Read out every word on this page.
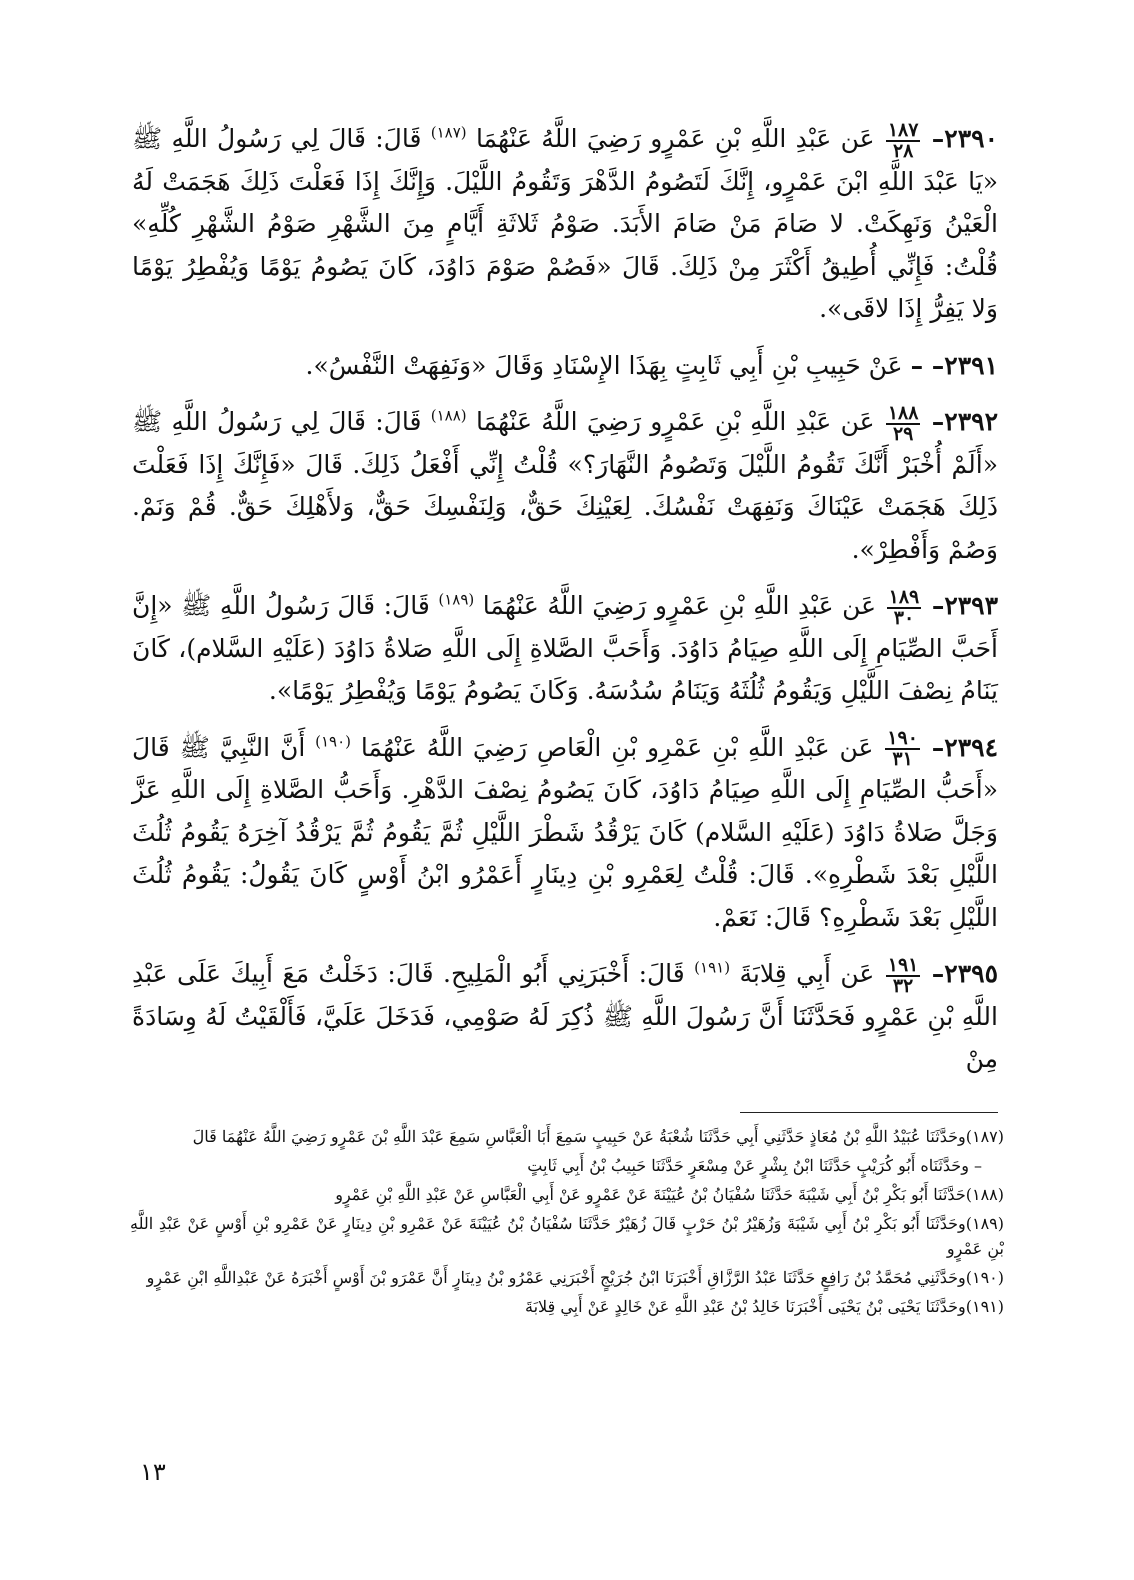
٢٣٩٠–
$\frac{١٨٧}{٢٨}$
عَن عَبْدِ اللَّهِ بْنِ عَمْرٍو رَضِيَ اللَّهُ عَنْهُمَا $^{(١٨٧)}$ قَالَ: قَالَ لِي رَسُولُ اللَّهِ ﷺ «يَا عَبْدَ اللَّهِ ابْنَ عَمْرٍو، إِنَّكَ لَتَصُومُ الدَّهْرَ وَتَقُومُ اللَّيْلَ. وَإِنَّكَ إِذَا فَعَلْتَ ذَلِكَ هَجَمَتْ لَهُ الْعَيْنُ وَنَهِكَتْ. لا صَامَ مَنْ صَامَ الأَبَدَ. صَوْمُ ثَلاثَةِ أَيَّامٍ مِنَ الشَّهْرِ صَوْمُ الشَّهْرِ كُلِّهِ» قُلْتُ: فَإِنِّي أُطِيقُ أَكْثَرَ مِنْ ذَلِكَ. قَالَ «فَصُمْ صَوْمَ دَاوُدَ، كَانَ يَصُومُ يَوْمًا وَيُفْطِرُ يَوْمًا وَلا يَفِرُّ إِذَا لاقَى».

٢٣٩١– – عَنْ حَبِيبِ بْنِ أَبِي ثَابِتٍ بِهَذَا الإِسْنَادِ وَقَالَ «وَنَفِهَتْ النَّفْسُ».

٢٣٩٢–
$\frac{١٨٨}{٢٩}$
عَن عَبْدِ اللَّهِ بْنِ عَمْرٍو رَضِيَ اللَّهُ عَنْهُمَا $^{(١٨٨)}$ قَالَ: قَالَ لِي رَسُولُ اللَّهِ ﷺ «أَلَمْ أُخْبَرْ أَنَّكَ تَقُومُ اللَّيْلَ وَتَصُومُ النَّهَارَ؟» قُلْتُ إِنِّي أَفْعَلُ ذَلِكَ. قَالَ «فَإِنَّكَ إِذَا فَعَلْتَ ذَلِكَ هَجَمَتْ عَيْنَاكَ وَنَفِهَتْ نَفْسُكَ. لِعَيْنِكَ حَقٌّ، وَلِنَفْسِكَ حَقٌّ، وَلأَهْلِكَ حَقٌّ. قُمْ وَنَمْ. وَصُمْ وَأَفْطِرْ».

٢٣٩٣–
$\frac{١٨٩}{٣٠}$
عَن عَبْدِ اللَّهِ بْنِ عَمْرٍو رَضِيَ اللَّهُ عَنْهُمَا $^{(١٨٩)}$ قَالَ: قَالَ رَسُولُ اللَّهِ ﷺ «إِنَّ أَحَبَّ الصِّيَامِ إِلَى اللَّهِ صِيَامُ دَاوُدَ. وَأَحَبَّ الصَّلاةِ إِلَى اللَّهِ صَلاةُ دَاوُدَ (عَلَيْهِ السَّلام)، كَانَ يَنَامُ نِصْفَ اللَّيْلِ وَيَقُومُ ثُلُثَهُ وَيَنَامُ سُدُسَهُ. وَكَانَ يَصُومُ يَوْمًا وَيُفْطِرُ يَوْمًا».

٢٣٩٤–
$\frac{١٩٠}{٣١}$
عَن عَبْدِ اللَّهِ بْنِ عَمْرِو بْنِ الْعَاصِ رَضِيَ اللَّهُ عَنْهُمَا $^{(١٩٠)}$ أَنَّ النَّبِيَّ ﷺ قَالَ «أَحَبُّ الصِّيَامِ إِلَى اللَّهِ صِيَامُ دَاوُدَ، كَانَ يَصُومُ نِصْفَ الدَّهْرِ. وَأَحَبُّ الصَّلاةِ إِلَى اللَّهِ عَزَّ وَجَلَّ صَلاةُ دَاوُدَ (عَلَيْهِ السَّلام) كَانَ يَرْقُدُ شَطْرَ اللَّيْلِ ثُمَّ يَقُومُ ثُمَّ يَرْقُدُ آخِرَهُ يَقُومُ ثُلُثَ اللَّيْلِ بَعْدَ شَطْرِهِ». قَالَ: قُلْتُ لِعَمْرِو بْنِ دِينَارٍ أَعَمْرُو ابْنُ أَوْسٍ كَانَ يَقُولُ: يَقُومُ ثُلُثَ اللَّيْلِ بَعْدَ شَطْرِهِ؟ قَالَ: نَعَمْ.

٢٣٩٥–
$\frac{١٩١}{٣٢}$
عَن أَبِي قِلابَةَ $^{(١٩١)}$ قَالَ: أَخْبَرَنِي أَبُو الْمَلِيحِ. قَالَ: دَخَلْتُ مَعَ أَبِيكَ عَلَى عَبْدِ اللَّهِ بْنِ عَمْرٍو فَحَدَّثَنَا أَنَّ رَسُولَ اللَّهِ ﷺ ذُكِرَ لَهُ صَوْمِي، فَدَخَلَ عَلَيَّ، فَأَلْقَيْتُ لَهُ وِسَادَةً مِنْ

(١٨٧)وحَدَّثَنَا عُبَيْدُ اللَّهِ بْنُ مُعَاذٍ حَدَّثَنِي أَبِي حَدَّثَنَا شُعْبَةُ عَنْ حَبِيبٍ سَمِعَ أَبَا الْعَبَّاسِ سَمِعَ عَبْدَ اللَّهِ بْنَ عَمْرٍو رَضِيَ اللَّهُ عَنْهُمَا قَالَ

– وحَدَّثَنَاه أَبُو كُرَيْبٍ حَدَّثَنَا ابْنُ بِشْرٍ عَنْ مِسْعَرٍ حَدَّثَنَا حَبِيبُ بْنُ أَبِي ثَابِتٍ

(١٨٨)حَدَّثَنَا أَبُو بَكْرِ بْنُ أَبِي شَيْبَةَ حَدَّثَنَا سُفْيَانُ بْنُ عُيَيْنَةَ عَنْ عَمْرٍو عَنْ أَبِي الْعَبَّاسِ عَنْ عَبْدِ اللَّهِ بْنِ عَمْرٍو

(١٨٩)وحَدَّثَنَا أَبُو بَكْرِ بْنُ أَبِي شَيْبَةَ وَزُهَيْرُ بْنُ حَرْبٍ قَالَ زُهَيْرٌ حَدَّثَنَا سُفْيَانُ بْنُ عُيَيْنَةَ عَنْ عَمْرِو بْنِ دِينَارٍ عَنْ عَمْرِو بْنِ أَوْسٍ عَنْ عَبْدِ اللَّهِ بْنِ عَمْرٍو

(١٩٠)وحَدَّثَنِي مُحَمَّدُ بْنُ رَافِعٍ حَدَّثَنَا عَبْدُ الرَّزَّاقِ أَخْبَرَنَا ابْنُ جُرَيْجٍ أَخْبَرَنِي عَمْرُو بْنُ دِينَارٍ أَنَّ عَمْرَو بْنَ أَوْسٍ أَخْبَرَهُ عَنْ عَبْدِاللَّهِ ابْنِ عَمْرٍو

(١٩١)وحَدَّثَنَا يَحْيَى بْنُ يَحْيَى أَخْبَرَنَا خَالِدُ بْنُ عَبْدِ اللَّهِ عَنْ خَالِدٍ عَنْ أَبِي قِلابَةَ

١٣
